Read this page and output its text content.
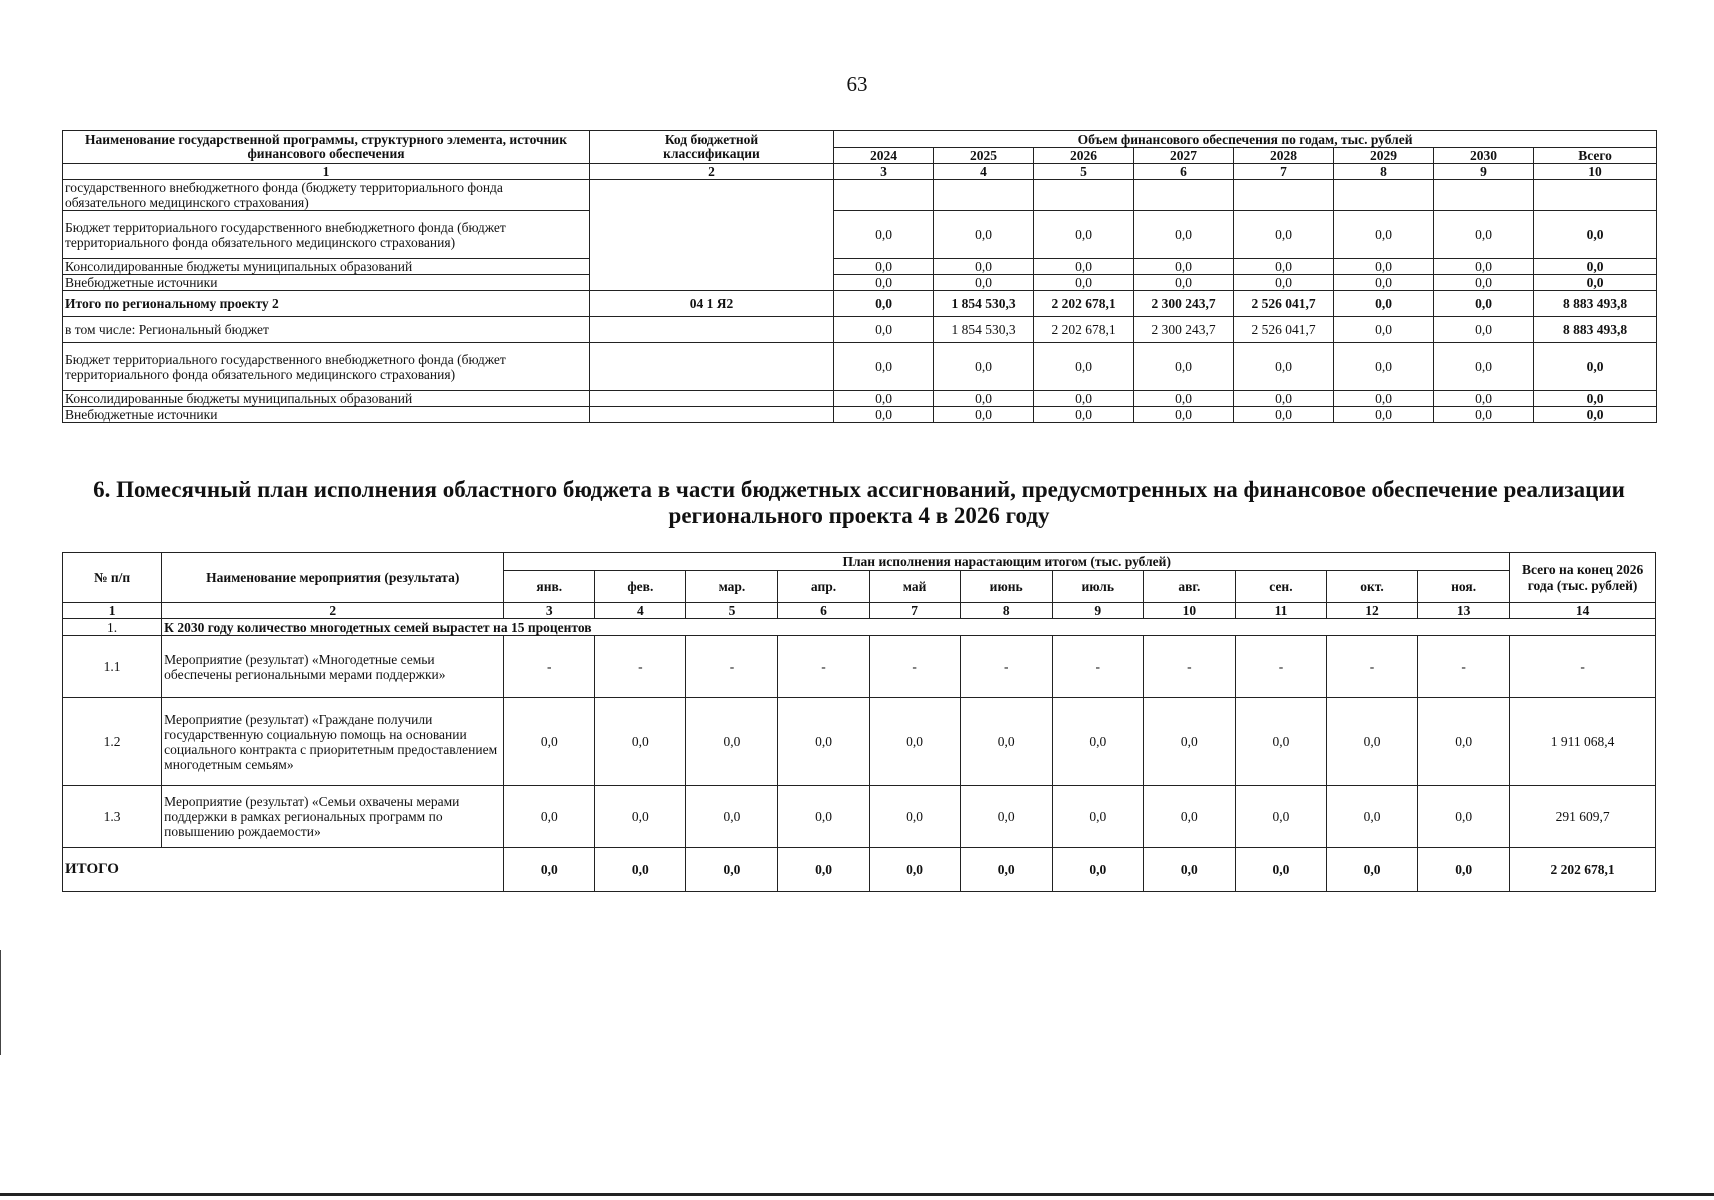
63
Наименование государственной программы, структурного элемента, источник финансового обеспечения	Код бюджетной классификации	Объем финансового обеспечения по годам, тыс. рублей							
		2024	2025	2026	2027	2028	2029	2030	Всего
1	2	3	4	5	6	7	8	9	10
государственного внебюджетного фонда (бюджету территориального фонда обязательного медицинского страхования)									
Бюджет территориального государственного внебюджетного фонда (бюджет территориального фонда обязательного медицинского страхования)		0,0	0,0	0,0	0,0	0,0	0,0	0,0	0,0
Консолидированные бюджеты муниципальных образований		0,0	0,0	0,0	0,0	0,0	0,0	0,0	0,0
Внебюджетные источники		0,0	0,0	0,0	0,0	0,0	0,0	0,0	0,0
Итого по региональному проекту 2	04 1 Я2	0,0	1 854 530,3	2 202 678,1	2 300 243,7	2 526 041,7	0,0	0,0	8 883 493,8
в том числе: Региональный бюджет		0,0	1 854 530,3	2 202 678,1	2 300 243,7	2 526 041,7	0,0	0,0	8 883 493,8
Бюджет территориального государственного внебюджетного фонда (бюджет территориального фонда обязательного медицинского страхования)		0,0	0,0	0,0	0,0	0,0	0,0	0,0	0,0
Консолидированные бюджеты муниципальных образований		0,0	0,0	0,0	0,0	0,0	0,0	0,0	0,0
Внебюджетные источники		0,0	0,0	0,0	0,0	0,0	0,0	0,0	0,0
6. Помесячный план исполнения областного бюджета в части бюджетных ассигнований, предусмотренных на финансовое обеспечение реализации регионального проекта 4 в 2026 году
№ п/п	Наименование мероприятия (результата)	План исполнения нарастающим итогом (тыс. рублей)											Всего на конец 2026 года (тыс. рублей)
		янв.	фев.	мар.	апр.	май	июнь	июль	авг.	сен.	окт.	ноя.	
1	2	3	4	5	6	7	8	9	10	11	12	13	14
1.	К 2030 году количество многодетных семей вырастет на 15 процентов												
1.1	Мероприятие (результат) «Многодетные семьи обеспечены региональными мерами поддержки»	-	-	-	-	-	-	-	-	-	-	-	-
1.2	Мероприятие (результат) «Граждане получили государственную социальную помощь на основании социального контракта с приоритетным предоставлением многодетным семьям»	0,0	0,0	0,0	0,0	0,0	0,0	0,0	0,0	0,0	0,0	0,0	1 911 068,4
1.3	Мероприятие (результат) «Семьи охвачены мерами поддержки в рамках региональных программ по повышению рождаемости»	0,0	0,0	0,0	0,0	0,0	0,0	0,0	0,0	0,0	0,0	0,0	291 609,7
ИТОГО		0,0	0,0	0,0	0,0	0,0	0,0	0,0	0,0	0,0	0,0	0,0	2 202 678,1
